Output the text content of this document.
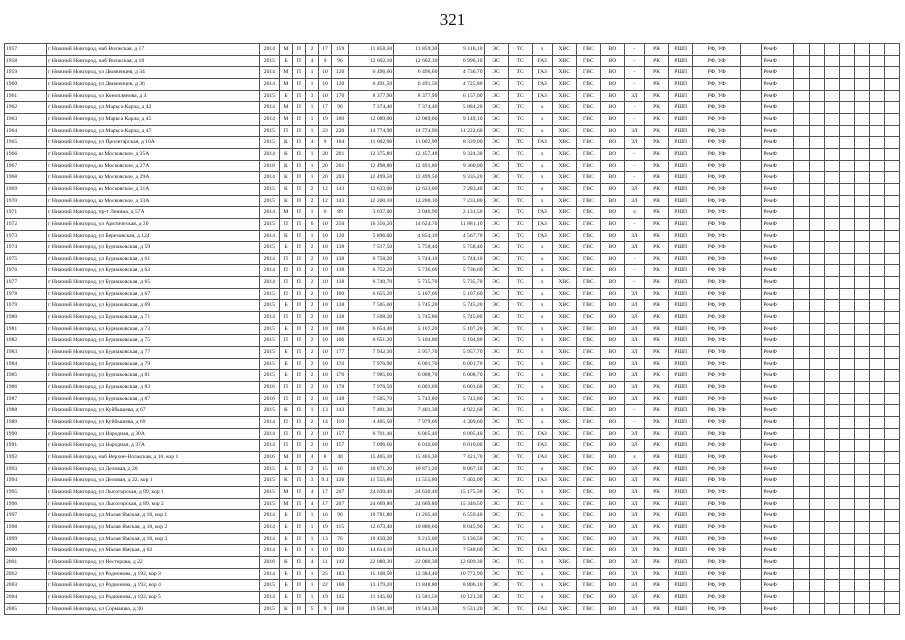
321
1957	г Нижний Новгород, наб Волжская, д 17	2014	М	П	2	17	159	11 858,30	11 859,30	9 116,10	ЭС	ТС	х	ХВС	ГВС	ВО	-	РК	РШП	РФ, УФ		РемФ							
1958	г Нижний Новгород, наб Волжская, д 18	2015	Б	П	4	9	96	12 602,10	12 602,10	6 996,10	ЭС	ТС	ГАЗ	ХВС	ГВС	ВО	-	РК	РШП	РФ, УФ		РемФ							
1959	г Нижний Новгород, ул Движенцев, д 34	2014	М	П	1	10	120	6 496,60	6 496,60	4 730,70	ЭС	ТС	ГАЗ	ХВС	ГВС	ВО	-	РК	РШП	РФ, УФ		РемФ							
1960	г Нижний Новгород, ул Движенцев, д 36	2014	М	П	1	10	120	6 491,50	6 491,50	4 725,80	ЭС	ТС	ГАЗ	ХВС	ГВС	ВО	-	РК	РШП	РФ, УФ		РемФ							
1961	г Нижний Новгород, ул Коноплянова, д 4	2015	Б	П	3	10	170	8 377,90	8 377,90	6 157,00	ЭС	ТС	ГАЗ	ХВС	ГВС	ВО	ЗЛ	РК	РШП	РФ, УФ		РемФ							
1962	г Нижний Новгород, ул Маркса Карла, д 42	2014	М	П	1	17	96	7 374,40	7 374,40	5 884,20	ЭС	ТС	х	ХВС	ГВС	ВО	-	РК	РШП	РФ, УФ		РемФ							
1963	г Нижний Новгород, ул Маркса Карла, д 45	2014	М	П	1	19	180	12 089,00	12 089,00	9 149,10	ЭС	ТС	х	ХВС	ГВС	ВО	-	РК	РШП	РФ, УФ		РемФ							
1964	г Нижний Новгород, ул Маркса Карла, д 47	2015	П	П	1	23	220	14 774,90	14 774,90	11 222,60	ЭС	ТС	х	ХВС	ГВС	ВО	ЗЛ	РК	РШП	РФ, УФ		РемФ							
1965	г Нижний Новгород, ул Пролетарская, д 10А	2015	К	П	4	9	104	11 002,90	11 002,90	8 339,00	ЭС	ТС	ГАЗ	ХВС	ГВС	ВО	ЗЛ	РК	РШП	РФ, УФ		РемФ							
1966	г Нижний Новгород, ш Московское, д 25А	2014	К	П	1	20	201	12 375,80	12 457,40	9 324,30	ЭС	ТС	х	ХВС	ГВС	ВО	-	РК	РШП	РФ, УФ		РемФ							
1967	г Нижний Новгород, ш Московское, д 27А	2018	К	П	1	20	201	12 498,80	12 491,80	9 360,00	ЭС	ТС	х	ХВС	ГВС	ВО	-	РК	РШП	РФ, УФ		РемФ							
1968	г Нижний Новгород, ш Московское, д 29А	2014	К	П	1	20	203	12 499,50	12 499,50	9 335,20	ЭС	ТС	х	ХВС	ГВС	ВО	-	РК	РШП	РФ, УФ		РемФ							
1969	г Нижний Новгород, ш Московское, д 31А	2015	К	П	2	12	143	12 633,00	12 633,00	7 283,40	ЭС	ТС	х	ХВС	ГВС	ВО	ЗЛ	РК	РШП	РФ, УФ		РемФ							
1970	г Нижний Новгород, ш Московское, д 33А	2015	К	П	2	12	143	12 200,10	12 200,10	7 233,80	ЭС	ТС	х	ХВС	ГВС	ВО	ЗЛ	РК	РШП	РФ, УФ		РемФ							
1971	г Нижний Новгород, пр-т Ленина, д 57А	2014	М	П	1	6	89	3 037,00	3 046,90	2 131,50	ЭС	ТС	ГАЗ	ХВС	ГВС	ВО	х	РК	РШП	РФ, УФ		РемФ							
1972	г Нижний Новгород, ул Арктическая, д 20	2015	П	П	6	10	250	16 356,20	14 624,70	11 881,10	ЭС	ТС	ГАЗ	ХВС	ГВС	ВО	-	РК	РШП	РФ, УФ		РемФ							
1973	г Нижний Новгород, ул Березовская, д 124	2014	К	П	1	10	120	5 896,00	4 854,10	4 567,70	ЭС	ТС	ГАЗ	ХВС	ГВС	ВО	ЗЛ	РК	РШП	РФ, УФ		РемФ							
1974	г Нижний Новгород, ул Бурнаковская, д 59	2015	Б	П	2	10	138	7 517,50	5 758,40	5 758,40	ЭС	ТС	х	ХВС	ГВС	ВО	ЗЛ	РК	РШП	РФ, УФ		РемФ							
1975	г Нижний Новгород, ул Бурнаковская, д 61	2014	П	П	2	10	138	6 758,20	5 744,10	5 744,10	ЭС	ТС	х	ХВС	ГВС	ВО	-	РК	РШП	РФ, УФ		РемФ							
1976	г Нижний Новгород, ул Бурнаковская, д 63	2014	П	П	2	10	138	6 752,20	5 736,60	5 736,60	ЭС	ТС	х	ХВС	ГВС	ВО	-	РК	РШП	РФ, УФ		РемФ							
1977	г Нижний Новгород, ул Бурнаковская, д 65	2014	П	П	2	10	138	6 740,70	5 735,70	5 735,70	ЭС	ТС	х	ХВС	ГВС	ВО	-	РК	РШП	РФ, УФ		РемФ							
1978	г Нижний Новгород, ул Бурнаковская, д 67	2015	П	П	2	10	100	6 655,20	5 107,60	5 107,60	ЭС	ТС	х	ХВС	ГВС	ВО	ЗЛ	РК	РШП	РФ, УФ		РемФ							
1979	г Нижний Новгород, ул Бурнаковская, д 69	2015	Б	П	2	10	138	7 505,60	5 745,20	5 745,20	ЭС	ТС	х	ХВС	ГВС	ВО	ЗЛ	РК	РШП	РФ, УФ		РемФ							
1980	г Нижний Новгород, ул Бурнаковская, д 71	2014	П	П	2	10	138	7 508,30	5 745,80	5 745,80	ЭС	ТС	х	ХВС	ГВС	ВО	ЗЛ	РК	РШП	РФ, УФ		РемФ							
1981	г Нижний Новгород, ул Бурнаковская, д 73	2015	Б	П	2	10	100	6 654,40	5 107,20	5 107,20	ЭС	ТС	х	ХВС	ГВС	ВО	ЗЛ	РК	РШП	РФ, УФ		РемФ							
1982	г Нижний Новгород, ул Бурнаковская, д 75	2015	П	П	2	10	106	6 651,20	5 104,80	5 104,80	ЭС	ТС	х	ХВС	ГВС	ВО	ЗЛ	РК	РШП	РФ, УФ		РемФ							
1983	г Нижний Новгород, ул Бурнаковская, д 77	2015	Б	П	2	10	177	7 942,30	5 957,70	5 957,70	ЭС	ТС	х	ХВС	ГВС	ВО	ЗЛ	РК	РШП	РФ, УФ		РемФ							
1984	г Нижний Новгород, ул Бурнаковская, д 79	2015	Б	П	2	10	176	7 976,90	6 001,70	6 001,70	ЭС	ТС	х	ХВС	ГВС	ВО	ЗЛ	РК	РШП	РФ, УФ		РемФ							
1985	г Нижний Новгород, ул Бурнаковская, д 81	2015	Б	П	2	10	176	7 985,60	6 008,70	6 008,70	ЭС	ТС	х	ХВС	ГВС	ВО	ЗЛ	РК	РШП	РФ, УФ		РемФ							
1986	г Нижний Новгород, ул Бурнаковская, д 83	2016	П	П	2	10	178	7 976,50	6 001,60	6 001,60	ЭС	ТС	х	ХВС	ГВС	ВО	ЗЛ	РК	РШП	РФ, УФ		РемФ							
1987	г Нижний Новгород, ул Бурнаковская, д 87	2016	П	П	2	10	148	7 505,70	5 743,80	5 743,80	ЭС	ТС	х	ХВС	ГВС	ВО	ЗЛ	РК	РШП	РФ, УФ		РемФ							
1988	г Нижний Новгород, ул Куйбышева, д 67	2015	К	П	1	13	143	7 401,30	7 401,30	4 922,60	ЭС	ТС	х	ХВС	ГВС	ВО	-	РК	РШП	РФ, УФ		РемФ							
1989	г Нижний Новгород, ул Куйбышева, д 69	2014	П	П	2	14	110	4 405,50	7 979,60	4 309,60	ЭС	ТС	х	ХВС	ГВС	ВО	-	РК	РШП	РФ, УФ		РемФ							
1990	г Нижний Новгород, ул Народная, д 30А	2014	П	П	2	10	157	6 701,40	6 005,40	6 005,40	ЭС	ТС	ГАЗ	ХВС	ГВС	ВО	ЗЛ	РК	РШП	РФ, УФ		РемФ							
1991	г Нижний Новгород, ул Народная, д 37А	2014	П	П	2	10	157	7 096,60	6 010,00	6 010,00	ЭС	ТС	ГАЗ	ХВС	ГВС	ВО	ЗЛ	РК	РШП	РФ, УФ		РемФ							
1992	г Нижний Новгород, наб Верхне-Волжская, д 10, кор 1	2016	М	П	4	8	48	15 405,30	15 405,30	7 421,70	ЭС	ТС	ГАЗ	ХВС	ГВС	ВО	х	РК	РШП	РФ, УФ		РемФ							
1993	г Нижний Новгород, ул Деловая, д 20	2015	Б	П	2	15	16	10 871,20	10 871,20	8 067,10	ЭС	ТС	х	ХВС	ГВС	ВО	ЗЛ	РК	РШП	РФ, УФ		РемФ							
1994	г Нижний Новгород, ул Деловая, д 22, кор 1	2015	К	П	3	9.1	126	11 555,80	11 555,80	7 402,00	ЭС	ТС	ГАЗ	ХВС	ГВС	ВО	ЗЛ	РК	РШП	РФ, УФ		РемФ							
1995	г Нижний Новгород, ул Лысогорская, д 89, кор 1	2015	М	П	4	17	207	24 630,40	24 630,40	15 175,30	ЭС	ТС	х	ХВС	ГВС	ВО	ЗЛ	РК	РШП	РФ, УФ		РемФ							
1996	г Нижний Новгород, ул Лысогорская, д 89, кор 2	2015	М	П	4	17	207	24 669,80	24 669,80	15 346,50	ЭС	ТС	х	ХВС	ГВС	ВО	ЗЛ	РК	РШП	РФ, УФ		РемФ							
1997	г Нижний Новгород, ул Малая Ямская, д 18, кор 1	2014	Б	П	1	16	96	10 781,80	11 205,40	6 559,40	ЭС	ТС	х	ХВС	ГВС	ВО	ЗЛ	РК	РШП	РФ, УФ		РемФ							
1998	г Нижний Новгород, ул Малая Ямская, д 18, кор 2	2014	Б	П	1	19	115	12 673,40	10 886,60	8 045,90	ЭС	ТС	х	ХВС	ГВС	ВО	ЗЛ	РК	РШП	РФ, УФ		РемФ							
1999	г Нижний Новгород, ул Малая Ямская, д 18, кор 3	2014	Б	П	1	13	76	10 450,20	9 215,00	5 136,50	ЭС	ТС	х	ХВС	ГВС	ВО	ЗЛ	РК	РШП	РФ, УФ		РемФ							
2000	г Нижний Новгород, ул Малая Ямская, д 63	2014	Б	П	1	10	102	14 614,10	14 614,10	7 548,60	ЭС	ТС	ГАЗ	ХВС	ГВС	ВО	ЗЛ	РК	РШП	РФ, УФ		РемФ							
2001	г Нижний Новгород, ул Нестерова, д 22	2016	К	П	4	11	142	22 080,30	22 080,30	12 609,30	ЭС	ТС	х	ХВС	ГВС	ВО	ЗЛ	РК	РШП	РФ, УФ		РемФ							
2002	г Нижний Новгород, ул Родионова, д 192, кор 3	2014	Б	П	1	25	183	15 108,50	12 384,40	10 772,90	ЭС	ТС	х	ХВС	ГВС	ВО	ЗЛ	РК	РШП	РФ, УФ		РемФ							
2003	г Нижний Новгород, ул Родионова, д 192, кор 4	2015	Б	П	1	22	160	13 179,20	11 848,80	8 806,10	ЭС	ТС	х	ХВС	ГВС	ВО	ЗЛ	РК	РШП	РФ, УФ		РемФ							
2004	г Нижний Новгород, ул Родионова, д 192, кор 5	2014	Б	П	1	19	145	11 145,60	13 581,50	10 121,30	ЭС	ТС	х	ХВС	ГВС	ВО	ЗЛ	РК	РШП	РФ, УФ		РемФ							
2005	г Нижний Новгород, ул Сормашко, д 30	2015	К	П	5	9	118	19 581,30	19 581,30	9 531,20	ЭС	ТС	ГАЗ	ХВС	ГВС	ВО	ЗЛ	РК	РШП	РФ, УФ		РемФ							
